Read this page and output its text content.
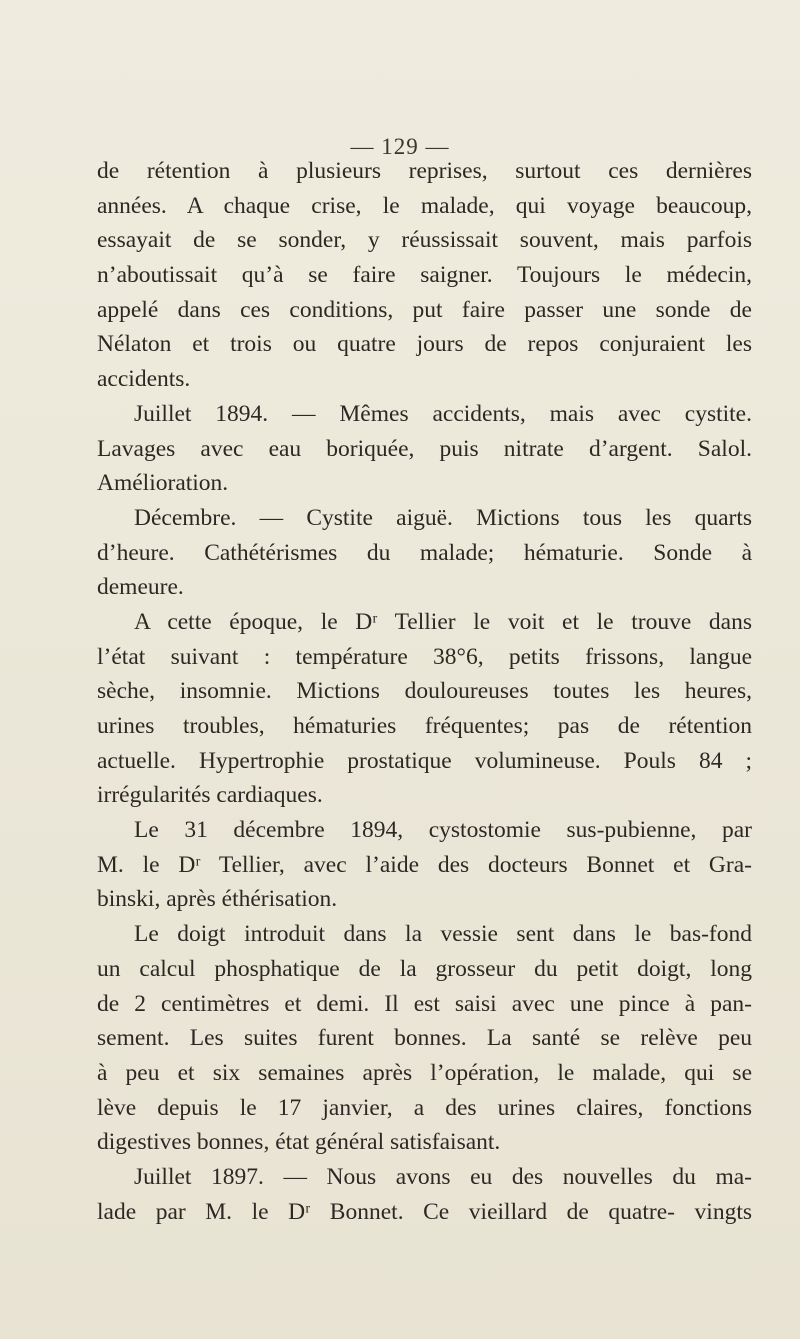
— 129 —
de rétention à plusieurs reprises, surtout ces dernières
années. A chaque crise, le malade, qui voyage beaucoup,
essayait de se sonder, y réussissait souvent, mais parfois
n’aboutissait qu’à se faire saigner. Toujours le médecin,
appelé dans ces conditions, put faire passer une sonde de
Nélaton et trois ou quatre jours de repos conjuraient les
accidents.
Juillet 1894. — Mêmes accidents, mais avec cystite.
Lavages avec eau boriquée, puis nitrate d’argent. Salol.
Amélioration.
Décembre. — Cystite aiguë. Mictions tous les quarts
d’heure. Cathétérismes du malade; hématurie. Sonde à
demeure.
A cette époque, le Dʳ Tellier le voit et le trouve dans
l’état suivant : température 38°6, petits frissons, langue
sèche, insomnie. Mictions douloureuses toutes les heures,
urines troubles, hématuries fréquentes; pas de rétention
actuelle. Hypertrophie prostatique volumineuse. Pouls 84 ;
irrégularités cardiaques.
Le 31 décembre 1894, cystostomie sus-pubienne, par
M. le Dʳ Tellier, avec l’aide des docteurs Bonnet et Gra-
binski, après éthérisation.
Le doigt introduit dans la vessie sent dans le bas-fond
un calcul phosphatique de la grosseur du petit doigt, long
de 2 centimètres et demi. Il est saisi avec une pince à pan-
sement. Les suites furent bonnes. La santé se relève peu
à peu et six semaines après l’opération, le malade, qui se
lève depuis le 17 janvier, a des urines claires, fonctions
digestives bonnes, état général satisfaisant.
Juillet 1897. — Nous avons eu des nouvelles du ma-
lade par M. le Dʳ Bonnet. Ce vieillard de quatre- vingts
